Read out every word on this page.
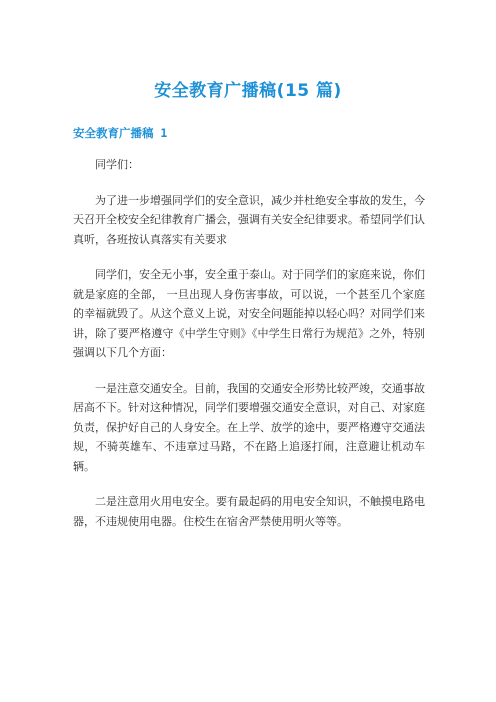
安全教育广播稿(15 篇)
安全教育广播稿 1

同学们：

为了进一步增强同学们的安全意识，减少并杜绝安全事故的发生，今天召开全校安全纪律教育广播会，强调有关安全纪律要求。希望同学们认真听，各班按认真落实有关要求

同学们，安全无小事，安全重于泰山。对于同学们的家庭来说，你们就是家庭的全部， 一旦出现人身伤害事故，可以说，一个甚至几个家庭的幸福就毁了。从这个意义上说，对安全问题能掉以轻心吗？对同学们来讲，除了要严格遵守《中学生守则》《中学生日常行为规范》之外，特别强调以下几个方面：

一是注意交通安全。目前，我国的交通安全形势比较严竣，交通事故居高不下。针对这种情况，同学们要增强交通安全意识，对自己、对家庭负责，保护好自己的人身安全。在上学、放学的途中，要严格遵守交通法规，不骑英雄车、不违章过马路，不在路上追逐打闹，注意避让机动车辆。

二是注意用火用电安全。要有最起码的用电安全知识，不触摸电路电器，不违规使用电器。住校生在宿舍严禁使用明火等等。
